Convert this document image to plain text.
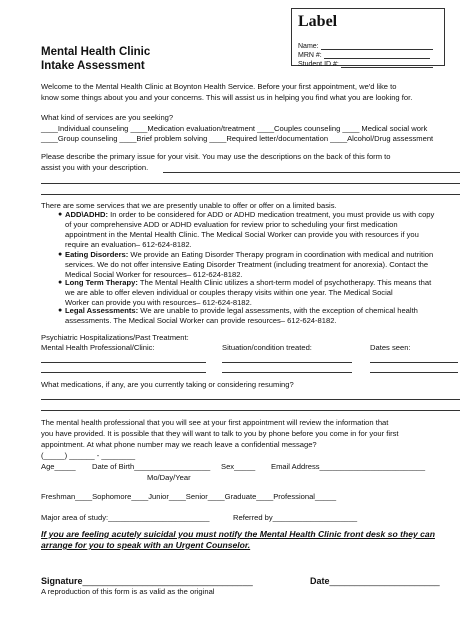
Label
Name:
MRN #:
Student ID #:
Mental Health Clinic
Intake Assessment
Welcome to the Mental Health Clinic at Boynton Health Service. Before your first appointment, we'd like to
know some things about you and your concerns. This will assist us in helping you find what you are looking for.
What kind of services are you seeking?
____Individual counseling ____Medication evaluation/treatment ____Couples counseling ____ Medical social work
____Group counseling ____Brief problem solving ____Required letter/documentation ____Alcohol/Drug assessment
Please describe the primary issue for your visit. You may use the descriptions on the back of this form to
assist you with your description.
There are some services that we are presently unable to offer or offer on a limited basis.
● ADD\ADHD: In order to be considered for ADD or ADHD medication treatment, you must provide us with copy
of your comprehensive ADD or ADHD evaluation for review prior to scheduling your first medication
appointment in the Mental Health Clinic. The Medical Social Worker can provide you with resources if you
require an evaluation– 612-624-8182.
● Eating Disorders: We provide an Eating Disorder Therapy program in coordination with medical and nutrition
services. We do not offer intensive Eating Disorder Treatment (including treatment for anorexia). Contact the
Medical Social Worker for resources– 612-624-8182.
● Long Term Therapy: The Mental Health Clinic utilizes a short-term model of psychotherapy. This means that
we are able to offer eleven individual or couples therapy visits within one year. The Medical Social
Worker can provide you with resources– 612-624-8182.
● Legal Assessments: We are unable to provide legal assessments, with the exception of chemical health
assessments. The Medical Social Worker can provide resources– 612-624-8182.
Psychiatric Hospitalizations/Past Treatment:
Mental Health Professional/Clinic:	Situation/condition treated:	Dates seen:
What medications, if any, are you currently taking or considering resuming?
The mental health professional that you will see at your first appointment will review the information that
you have provided. It is possible that they will want to talk to you by phone before you come in for your first
appointment. At what phone number may we reach leave a confidential message?
(_____) ______ - ________
Age_____ Date of Birth__________________
Mo/Day/Year
Sex_____ Email Address_________________________
Freshman____Sophomore____Junior____Senior____Graduate____Professional_____
Major area of study:________________________	Referred by____________________
If you are feeling acutely suicidal you must notify the Mental Health Clinic front desk so they can arrange for you to speak with an Urgent Counselor.
Signature__________________________________	Date______________________
A reproduction of this form is as valid as the original
